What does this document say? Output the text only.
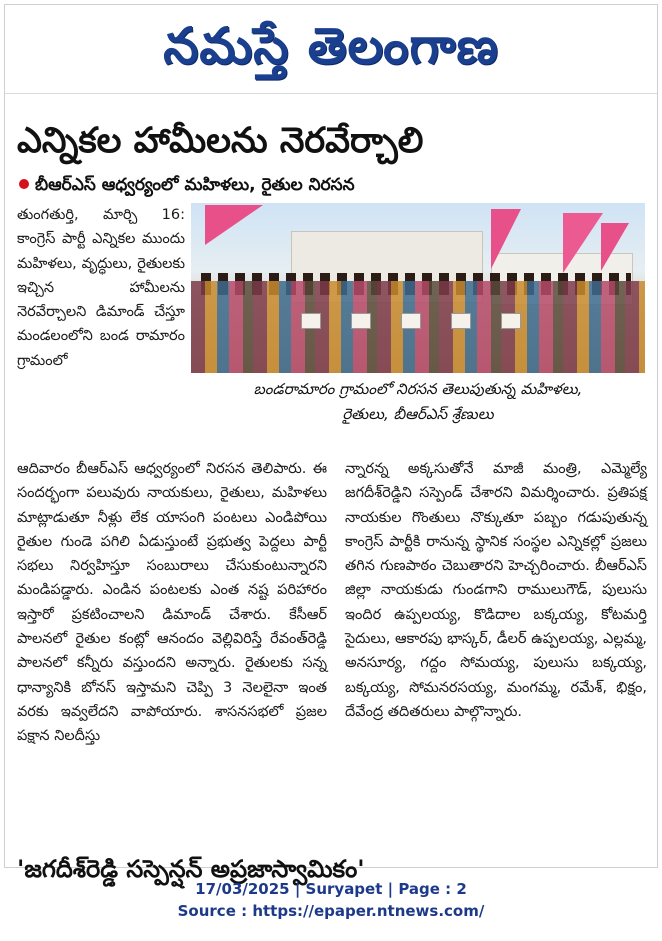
నమస్తే తెలంగాణ
ఎన్నికల హామీలను నెరవేర్చాలి
బీఆర్ఎస్ ఆధ్వర్యంలో మహిళలు, రైతుల నిరసన

తుంగతుర్తి, మార్చి 16: కాంగ్రెస్ పార్టీ ఎన్నికల ముందు మహిళలు, వృద్ధులు, రైతులకు ఇచ్చిన హామీలను నెరవేర్చాలని డిమాండ్ చేస్తూ మండలంలోని బండ రామారం గ్రామంలో

బండరామారం గ్రామంలో నిరసన తెలుపుతున్న మహిళలు,
రైతులు, బీఆర్ఎస్ శ్రేణులు

ఆదివారం బీఆర్ఎస్ ఆధ్వర్యంలో నిరసన తెలిపారు. ఈ సందర్భంగా పలువురు నాయకులు, రైతులు, మహిళలు మాట్లాడుతూ నీళ్లు లేక యాసంగి పంటలు ఎండిపోయి రైతుల గుండె పగిలి ఏడుస్తుంటే ప్రభుత్వ పెద్దలు పార్టీ సభలు నిర్వహిస్తూ సంబురాలు చేసుకుంటున్నారని మండిపడ్డారు. ఎండిన పంటలకు ఎంత నష్ట పరిహారం ఇస్తారో ప్రకటించాలని డిమాండ్ చేశారు. కేసీఆర్ పాలనలో రైతుల కంట్లో ఆనందం వెల్లివిరిస్తే రేవంత్‌రెడ్డి పాలనలో కన్నీరు వస్తుందని అన్నారు. రైతులకు సన్న ధాన్యానికి బోనస్ ఇస్తామని చెప్పి 3 నెలలైనా ఇంత వరకు ఇవ్వలేదని వాపోయారు. శాసనసభలో ప్రజల పక్షాన నిలదీస్తు

న్నారన్న అక్కసుతోనే మాజీ మంత్రి, ఎమ్మెల్యే జగదీశ్‌రెడ్డిని సస్పెండ్ చేశారని విమర్శించారు. ప్రతిపక్ష నాయకుల గొంతులు నొక్కుతూ పబ్బం గడుపుతున్న కాంగ్రెస్ పార్టీకి రానున్న స్థానిక సంస్థల ఎన్నికల్లో ప్రజలు తగిన గుణపాఠం చెబుతారని హెచ్చరించారు. బీఆర్ఎస్ జిల్లా నాయకుడు గుండగాని రాములుగౌడ్, పులుసు ఇందిర ఉప్పలయ్య, కొడిదాల బక్కయ్య, కోటమర్తి సైదులు, ఆకారపు భాస్కర్, డీలర్ ఉప్పలయ్య, ఎల్లమ్మ, అనసూర్య, గద్దం సోమయ్య, పులుసు బక్కయ్య, బక్కయ్య, సోమనరసయ్య, మంగమ్మ, రమేశ్, భిక్షం, దేవేంద్ర తదితరులు పాల్గొన్నారు.

'జగదీశ్‌రెడ్డి సస్పెన్షన్ అప్రజాస్వామికం'
17/03/2025 | Suryapet | Page : 2
Source : https://epaper.ntnews.com/
